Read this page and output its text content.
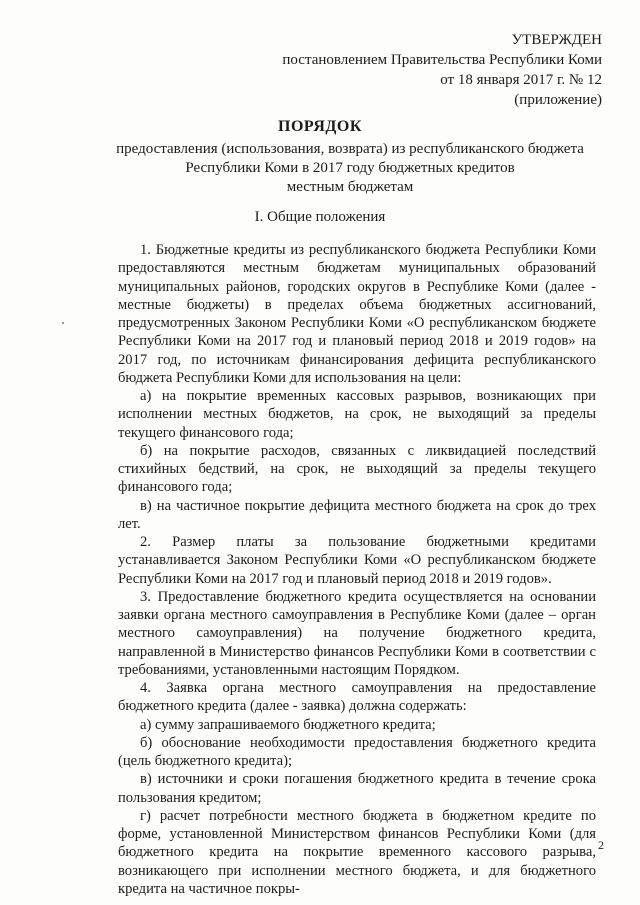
УТВЕРЖДЕН
постановлением Правительства Республики Коми
от 18 января 2017 г. № 12
(приложение)
ПОРЯДОК
предоставления (использования, возврата) из республиканского бюджета
Республики Коми в 2017 году бюджетных кредитов
местным бюджетам
I. Общие положения

1. Бюджетные кредиты из республиканского бюджета Республики Коми предоставляются местным бюджетам муниципальных образований муниципальных районов, городских округов в Республике Коми (далее - местные бюджеты) в пределах объема бюджетных ассигнований, предусмотренных Законом Республики Коми «О республиканском бюджете Республики Коми на 2017 год и плановый период 2018 и 2019 годов» на 2017 год, по источникам финансирования дефицита республиканского бюджета Республики Коми для использования на цели:

а) на покрытие временных кассовых разрывов, возникающих при исполнении местных бюджетов, на срок, не выходящий за пределы текущего финансового года;

б) на покрытие расходов, связанных с ликвидацией последствий стихийных бедствий, на срок, не выходящий за пределы текущего финансового года;

в) на частичное покрытие дефицита местного бюджета на срок до трех лет.

2. Размер платы за пользование бюджетными кредитами устанавливается Законом Республики Коми «О республиканском бюджете Республики Коми на 2017 год и плановый период 2018 и 2019 годов».

3. Предоставление бюджетного кредита осуществляется на основании заявки органа местного самоуправления в Республике Коми (далее – орган местного самоуправления) на получение бюджетного кредита, направленной в Министерство финансов Республики Коми в соответствии с требованиями, установленными настоящим Порядком.

4. Заявка органа местного самоуправления на предоставление бюджетного кредита (далее - заявка) должна содержать:

а) сумму запрашиваемого бюджетного кредита;

б) обоснование необходимости предоставления бюджетного кредита (цель бюджетного кредита);

в) источники и сроки погашения бюджетного кредита в течение срока пользования кредитом;

г) расчет потребности местного бюджета в бюджетном кредите по форме, установленной Министерством финансов Республики Коми (для бюджетного кредита на покрытие временного кассового разрыва, возникающего при исполнении местного бюджета, и для бюджетного кредита на частичное покры-

2
